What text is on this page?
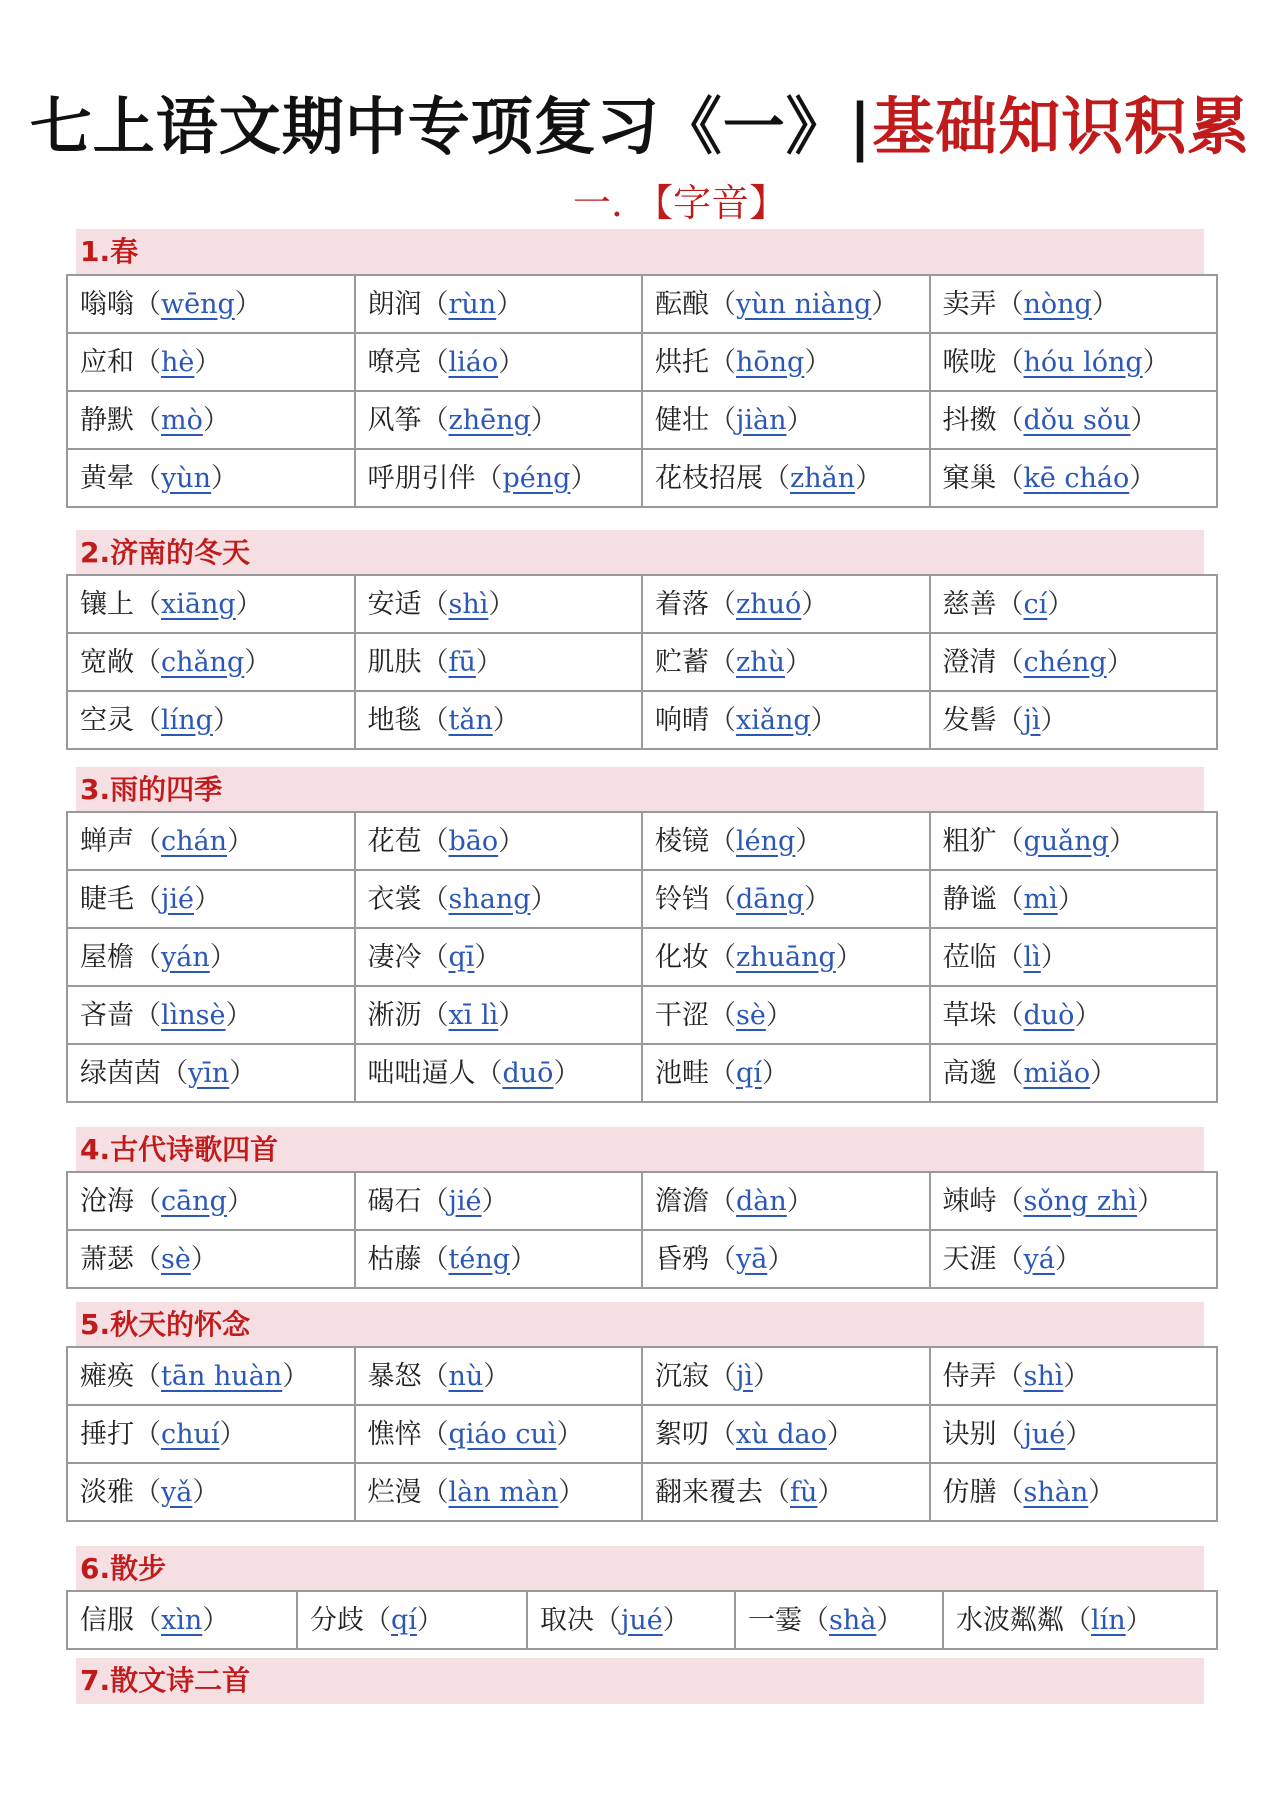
七上语文期中专项复习《一》|基础知识积累
一. 【字音】
1.春
嗡嗡（wēng）	朗润（rùn）	酝酿（yùn niàng）	卖弄（nòng）
应和（hè）	嘹亮（liáo）	烘托（hōng）	喉咙（hóu lóng）
静默（mò）	风筝（zhēng）	健壮（jiàn）	抖擞（dǒu sǒu）
黄晕（yùn）	呼朋引伴（péng）	花枝招展（zhǎn）	窠巢（kē cháo）
2.济南的冬天
镶上（xiāng）	安适（shì）	着落（zhuó）	慈善（cí）
宽敞（chǎng）	肌肤（fū）	贮蓄（zhù）	澄清（chéng）
空灵（líng）	地毯（tǎn）	响晴（xiǎng）	发髻（jì）
3.雨的四季
蝉声（chán）	花苞（bāo）	棱镜（léng）	粗犷（guǎng）
睫毛（jié）	衣裳（shang）	铃铛（dāng）	静谧（mì）
屋檐（yán）	凄冷（qī）	化妆（zhuāng）	莅临（lì）
吝啬（lìnsè）	淅沥（xī lì）	干涩（sè）	草垛（duò）
绿茵茵（yīn）	咄咄逼人（duō）	池畦（qí）	高邈（miǎo）
4.古代诗歌四首
沧海（cāng）	碣石（jié）	澹澹（dàn）	竦峙（sǒng zhì）
萧瑟（sè）	枯藤（téng）	昏鸦（yā）	天涯（yá）
5.秋天的怀念
瘫痪（tān huàn）	暴怒（nù）	沉寂（jì）	侍弄（shì）
捶打（chuí）	憔悴（qiáo cuì）	絮叨（xù dao）	诀别（jué）
淡雅（yǎ）	烂漫（làn màn）	翻来覆去（fù）	仿膳（shàn）
6.散步
信服（xìn）	分歧（qí）	取决（jué）	一霎（shà）	水波粼粼（lín）
7.散文诗二首
